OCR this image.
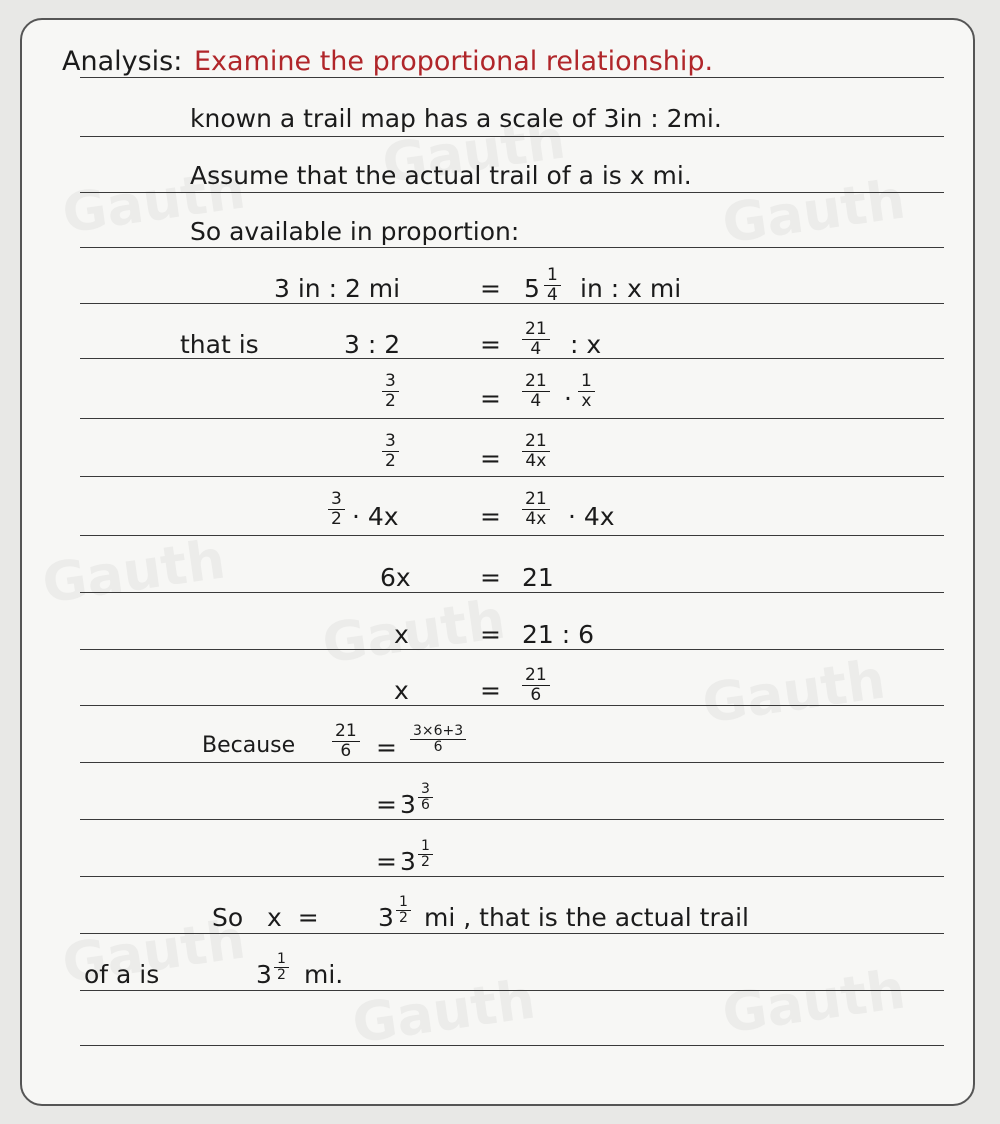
Analysis: Examine the proportional relationship.
known a trail map has a scale of 3in : 2mi.
Assume that the actual trail of a is x mi.
So available in proportion:
3 in : 2 mi	= $5 \frac{1}{4}$ in : x mi
that is	3 : 2	= $\frac{21}{4}$ : x
$\frac{3}{2}$	= $\frac{21}{4} \cdot \frac{1}{x}$
$\frac{3}{2}$	= $\frac{21}{4x}$
$\frac{3}{2} \cdot 4x$	= $\frac{21}{4x} \cdot 4x$
6x	= 21
x	= 21 : 6
x	= $\frac{21}{6}$
Because $\frac{21}{6} = \frac{3\times 6+3}{6}$
= $3 \frac{3}{6}$
= $3 \frac{1}{2}$
So   $x = 3 \frac{1}{2}$ mi , that is the actual trail
of a is	$3 \frac{1}{2}$ mi.
